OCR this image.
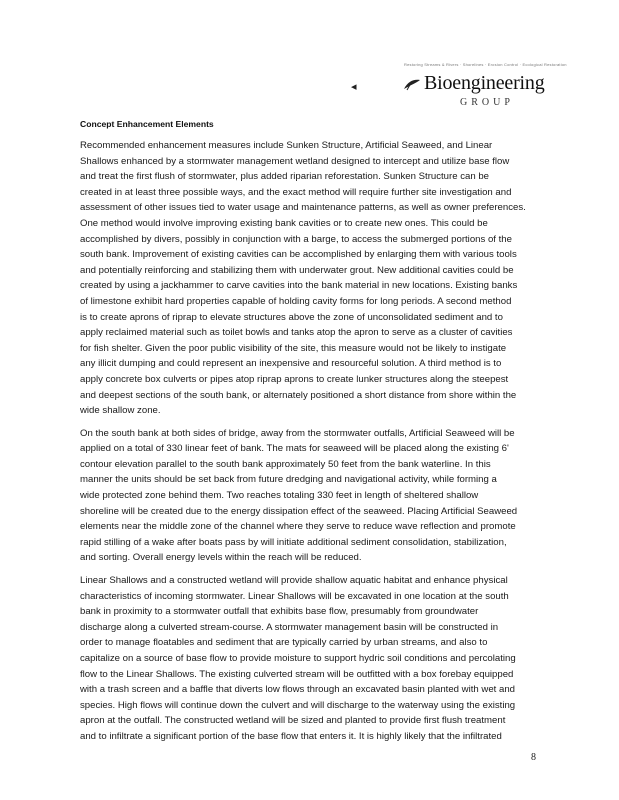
Restoring Streams & Rivers · Shorelines · Erosion Control · Ecological Restoration
◂	Bioengineering
GROUP
Concept Enhancement Elements
Recommended enhancement measures include Sunken Structure, Artificial Seaweed, and Linear
Shallows enhanced by a stormwater management wetland designed to intercept and utilize base flow
and treat the first flush of stormwater, plus added riparian reforestation. Sunken Structure can be
created in at least three possible ways, and the exact method will require further site investigation and
assessment of other issues tied to water usage and maintenance patterns, as well as owner preferences.
One method would involve improving existing bank cavities or to create new ones. This could be
accomplished by divers, possibly in conjunction with a barge, to access the submerged portions of the
south bank. Improvement of existing cavities can be accomplished by enlarging them with various tools
and potentially reinforcing and stabilizing them with underwater grout. New additional cavities could be
created by using a jackhammer to carve cavities into the bank material in new locations. Existing banks
of limestone exhibit hard properties capable of holding cavity forms for long periods. A second method
is to create aprons of riprap to elevate structures above the zone of unconsolidated sediment and to
apply reclaimed material such as toilet bowls and tanks atop the apron to serve as a cluster of cavities
for fish shelter. Given the poor public visibility of the site, this measure would not be likely to instigate
any illicit dumping and could represent an inexpensive and resourceful solution. A third method is to
apply concrete box culverts or pipes atop riprap aprons to create lunker structures along the steepest
and deepest sections of the south bank, or alternately positioned a short distance from shore within the
wide shallow zone.
On the south bank at both sides of bridge, away from the stormwater outfalls, Artificial Seaweed will be
applied on a total of 330 linear feet of bank. The mats for seaweed will be placed along the existing 6'
contour elevation parallel to the south bank approximately 50 feet from the bank waterline. In this
manner the units should be set back from future dredging and navigational activity, while forming a
wide protected zone behind them. Two reaches totaling 330 feet in length of sheltered shallow
shoreline will be created due to the energy dissipation effect of the seaweed. Placing Artificial Seaweed
elements near the middle zone of the channel where they serve to reduce wave reflection and promote
rapid stilling of a wake after boats pass by will initiate additional sediment consolidation, stabilization,
and sorting. Overall energy levels within the reach will be reduced.
Linear Shallows and a constructed wetland will provide shallow aquatic habitat and enhance physical
characteristics of incoming stormwater. Linear Shallows will be excavated in one location at the south
bank in proximity to a stormwater outfall that exhibits base flow, presumably from groundwater
discharge along a culverted stream-course. A stormwater management basin will be constructed in
order to manage floatables and sediment that are typically carried by urban streams, and also to
capitalize on a source of base flow to provide moisture to support hydric soil conditions and percolating
flow to the Linear Shallows. The existing culverted stream will be outfitted with a box forebay equipped
with a trash screen and a baffle that diverts low flows through an excavated basin planted with wet and
species. High flows will continue down the culvert and will discharge to the waterway using the existing
apron at the outfall. The constructed wetland will be sized and planted to provide first flush treatment
and to infiltrate a significant portion of the base flow that enters it. It is highly likely that the infiltrated
8
